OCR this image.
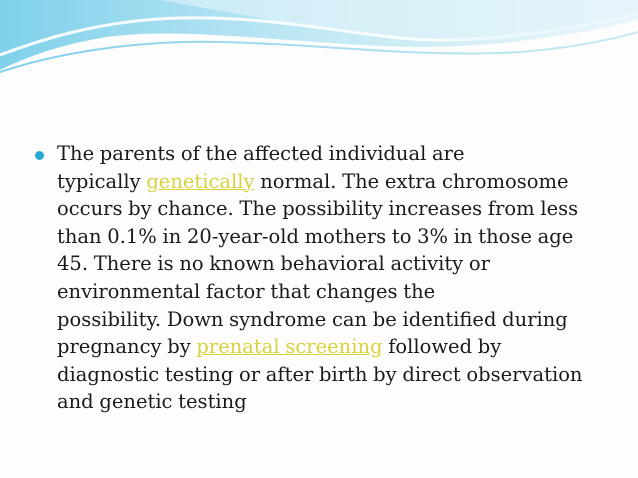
The parents of the affected individual are
typically genetically normal. The extra chromosome
occurs by chance. The possibility increases from less
than 0.1% in 20-year-old mothers to 3% in those age
45. There is no known behavioral activity or
environmental factor that changes the
possibility. Down syndrome can be identified during
pregnancy by prenatal screening followed by
diagnostic testing or after birth by direct observation
and genetic testing
